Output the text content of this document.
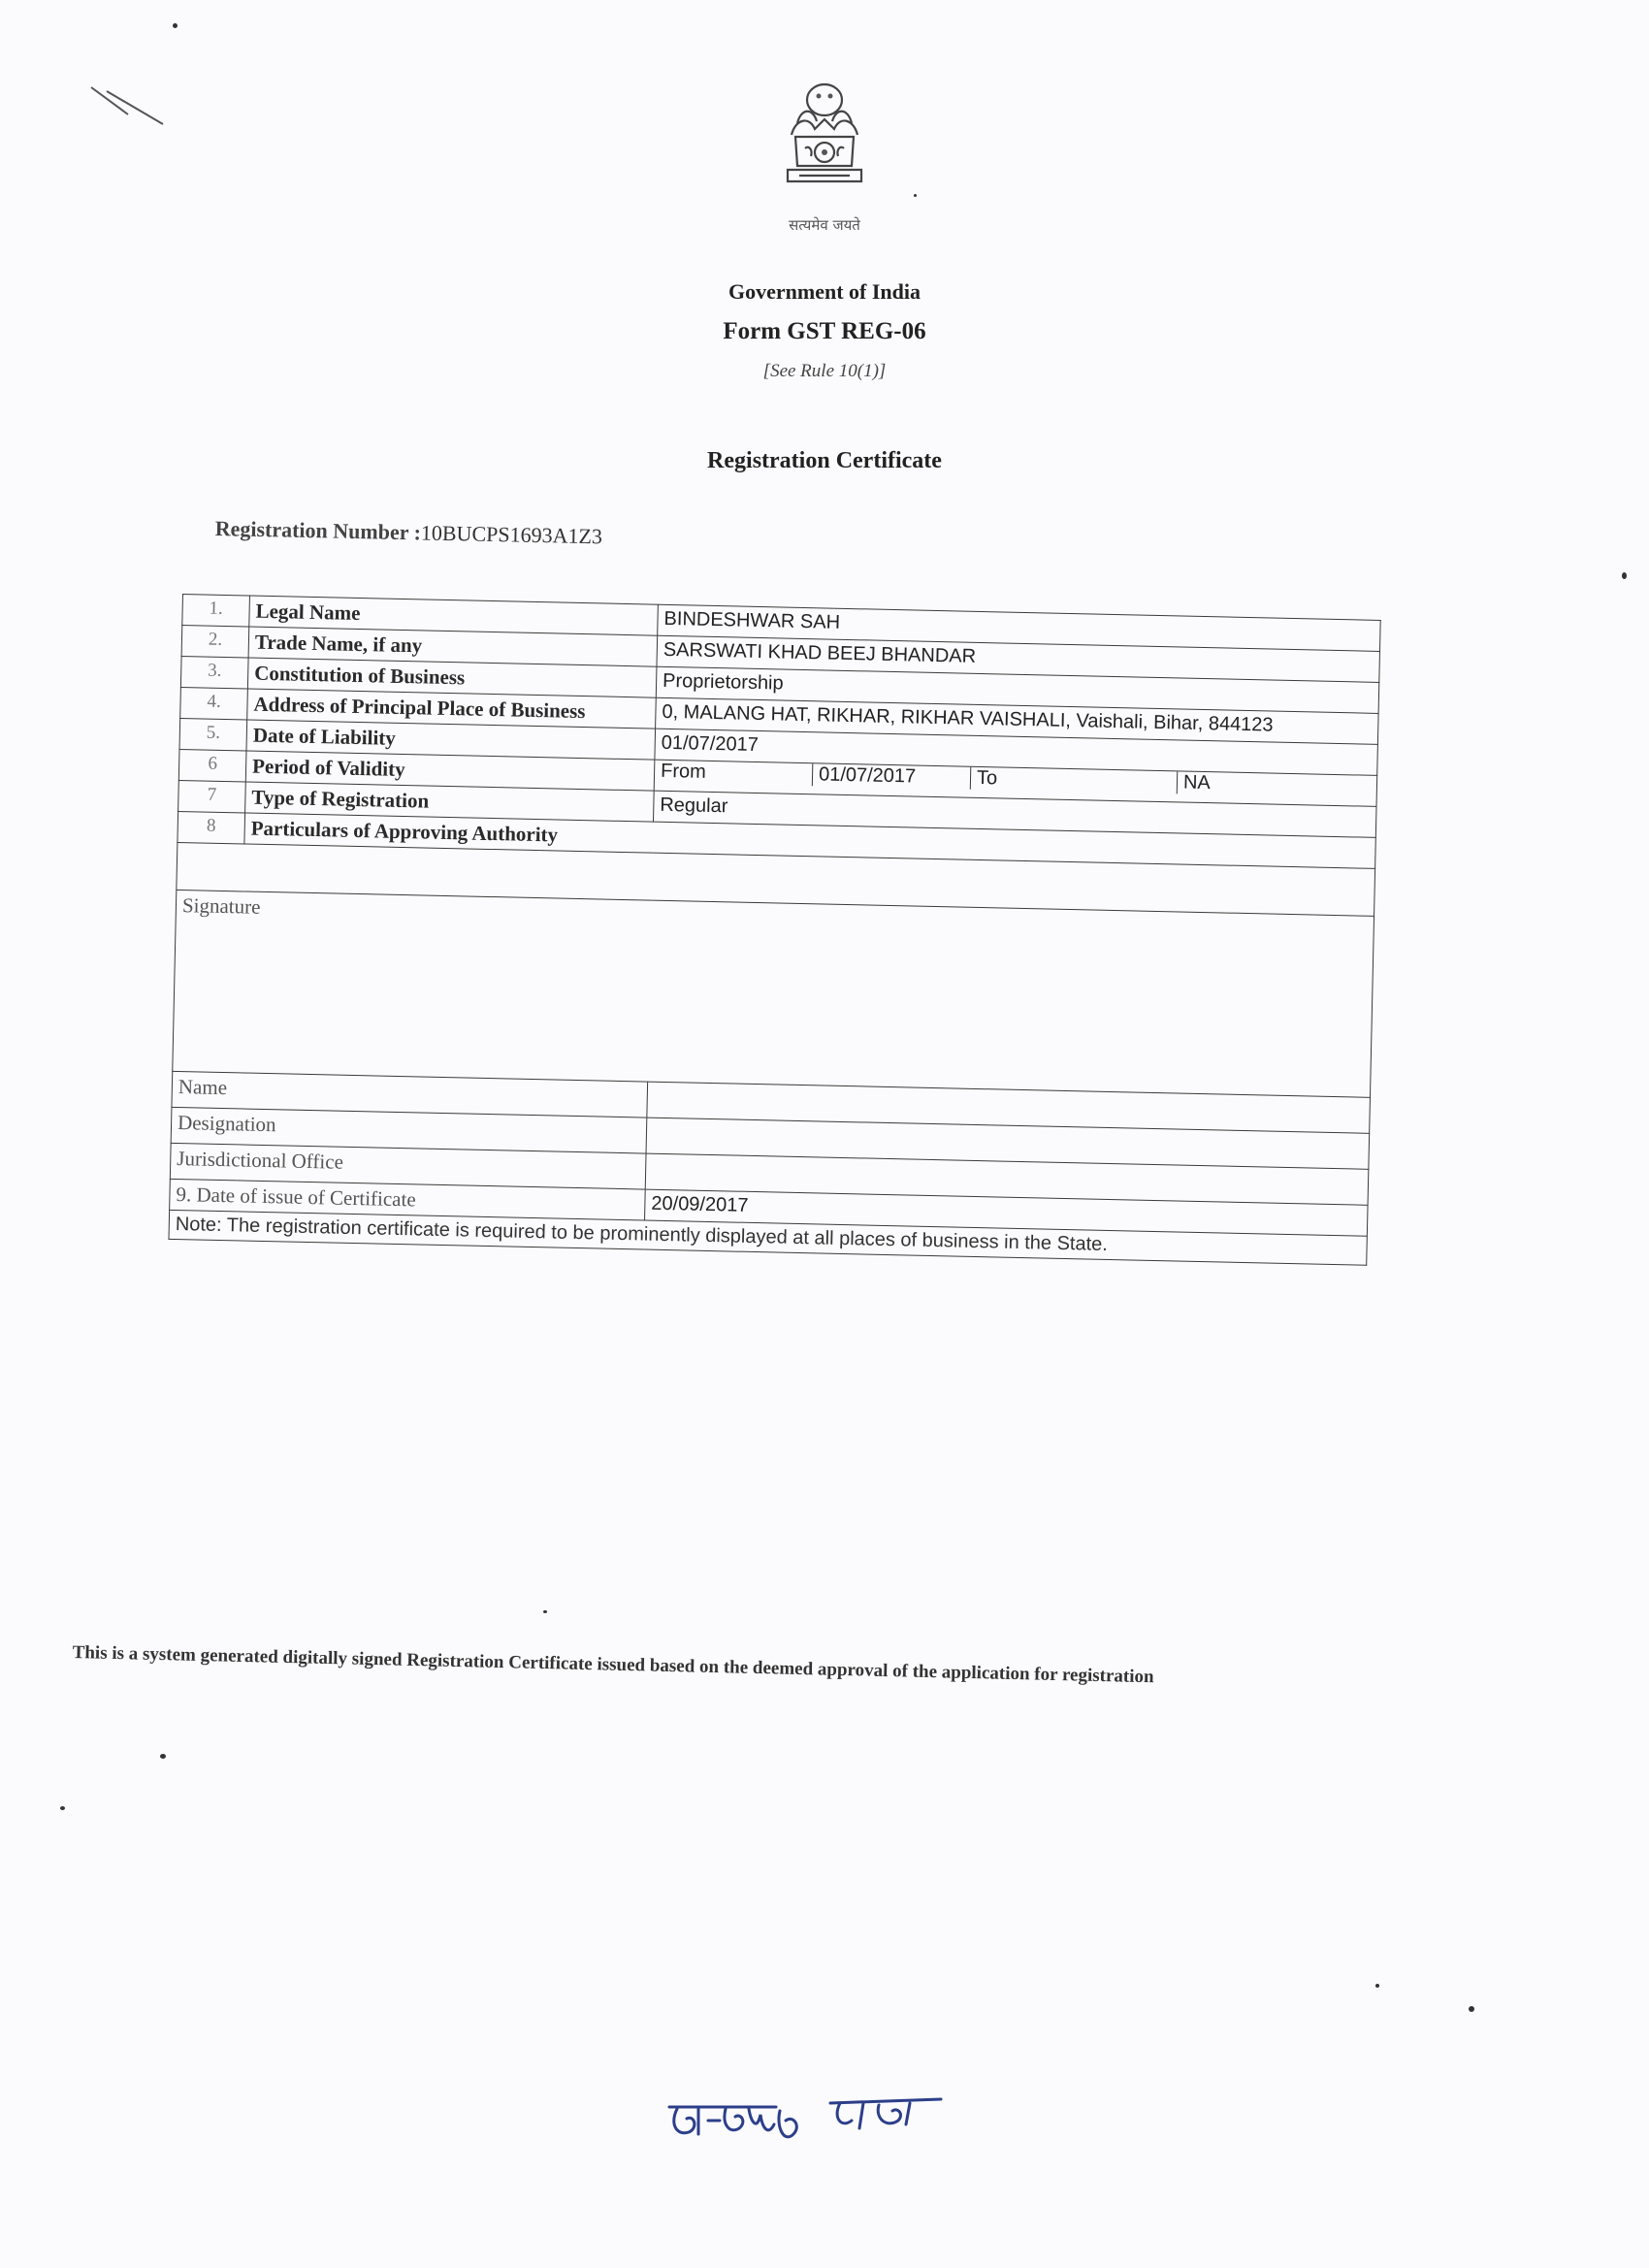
सत्यमेव जयते
Government of India
Form GST REG-06
[See Rule 10(1)]
Registration Certificate
Registration Number :10BUCPS1693A1Z3
1.	Legal Name	BINDESHWAR SAH
2.	Trade Name, if any	SARSWATI KHAD BEEJ BHANDAR
3.	Constitution of Business	Proprietorship
4.	Address of Principal Place of Business	0, MALANG HAT, RIKHAR, RIKHAR VAISHALI, Vaishali, Bihar, 844123
5.	Date of Liability	01/07/2017
6	Period of Validity	From 01/07/2017 To NA

7	Type of Registration	Regular
8	Particulars of Approving Authority	

Signature		
Name		
Designation		
Jurisdictional Office		
9. Date of issue of Certificate		20/09/2017
Note: The registration certificate is required to be prominently displayed at all places of business in the State.		
This is a system generated digitally signed Registration Certificate issued based on the deemed approval of the application for registration
